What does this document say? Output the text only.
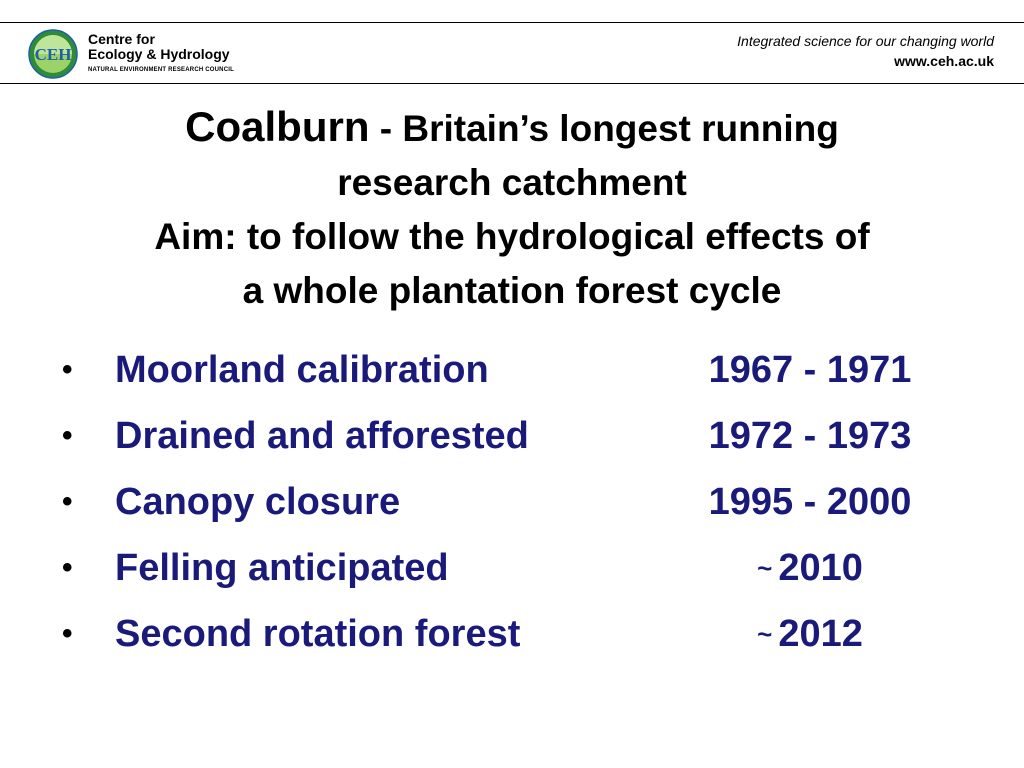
CEH
Centre for
Ecology & Hydrology
NATURAL ENVIRONMENT RESEARCH COUNCIL
Integrated science for our changing world
www.ceh.ac.uk
Coalburn - Britain’s longest running
research catchment
Aim: to follow the hydrological effects of
a whole plantation forest cycle
• Moorland calibration	1967 - 1971
• Drained and afforested	1972 - 1973
• Canopy closure	1995 - 2000
• Felling anticipated	~ 2010
• Second rotation forest	~ 2012
